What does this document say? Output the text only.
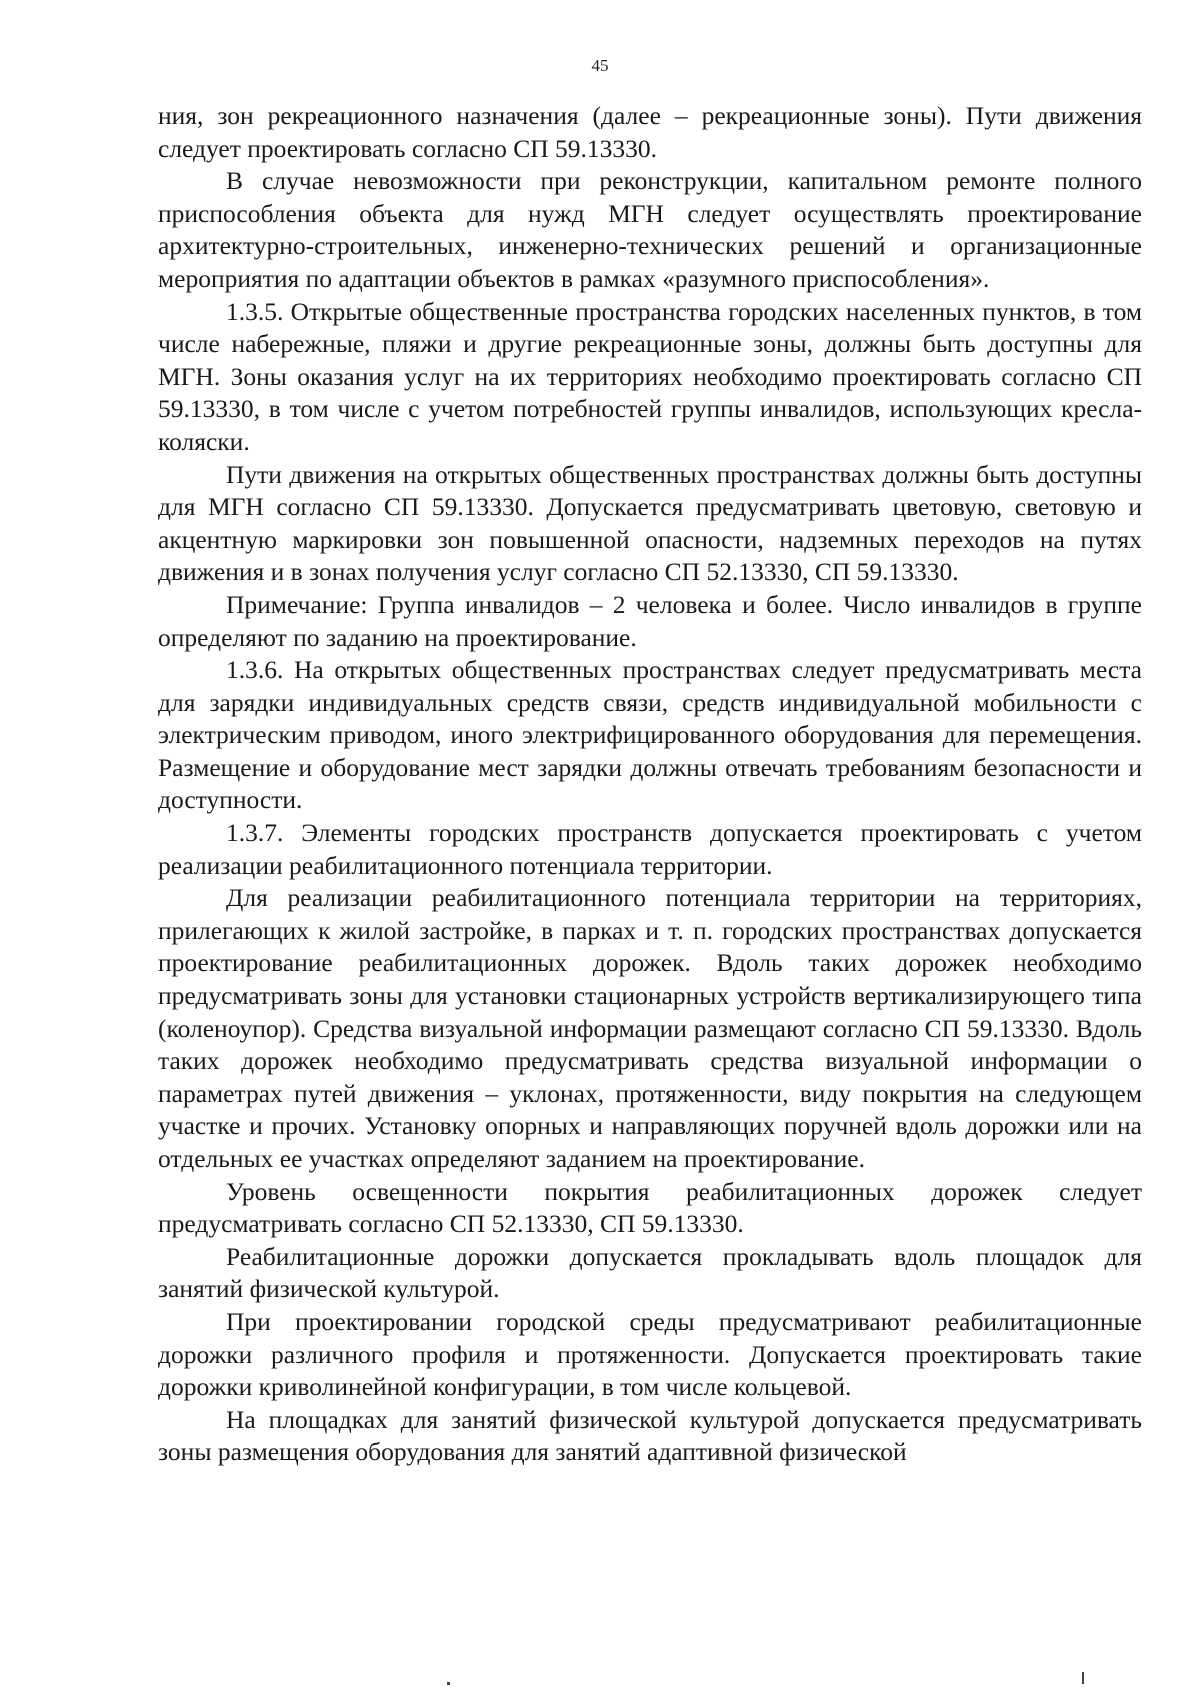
45

ния, зон рекреационного назначения (далее – рекреационные зоны). Пути движения следует проектировать согласно СП 59.13330.

В случае невозможности при реконструкции, капитальном ремонте полного приспособления объекта для нужд МГН следует осуществлять проектирование архитектурно-строительных, инженерно-технических решений и организационные мероприятия по адаптации объектов в рамках «разумного приспособления».

1.3.5. Открытые общественные пространства городских населенных пунктов, в том числе набережные, пляжи и другие рекреационные зоны, должны быть доступны для МГН. Зоны оказания услуг на их территориях необходимо проектировать согласно СП 59.13330, в том числе с учетом потребностей группы инвалидов, использующих кресла-коляски.

Пути движения на открытых общественных пространствах должны быть доступны для МГН согласно СП 59.13330. Допускается предусматривать цветовую, световую и акцентную маркировки зон повышенной опасности, надземных переходов на путях движения и в зонах получения услуг согласно СП 52.13330, СП 59.13330.

Примечание: Группа инвалидов – 2 человека и более. Число инвалидов в группе определяют по заданию на проектирование.

1.3.6. На открытых общественных пространствах следует предусматривать места для зарядки индивидуальных средств связи, средств индивидуальной мобильности с электрическим приводом, иного электрифицированного оборудования для перемещения. Размещение и оборудование мест зарядки должны отвечать требованиям безопасности и доступности.

1.3.7. Элементы городских пространств допускается проектировать с учетом реализации реабилитационного потенциала территории.

Для реализации реабилитационного потенциала территории на территориях, прилегающих к жилой застройке, в парках и т. п. городских пространствах допускается проектирование реабилитационных дорожек. Вдоль таких дорожек необходимо предусматривать зоны для установки стационарных устройств вертикализирующего типа (коленоупор). Средства визуальной информации размещают согласно СП 59.13330. Вдоль таких дорожек необходимо предусматривать средства визуальной информации о параметрах путей движения – уклонах, протяженности, виду покрытия на следующем участке и прочих. Установку опорных и направляющих поручней вдоль дорожки или на отдельных ее участках определяют заданием на проектирование.

Уровень освещенности покрытия реабилитационных дорожек следует предусматривать согласно СП 52.13330, СП 59.13330.

Реабилитационные дорожки допускается прокладывать вдоль площадок для занятий физической культурой.

При проектировании городской среды предусматривают реабилитационные дорожки различного профиля и протяженности. Допускается проектировать такие дорожки криволинейной конфигурации, в том числе кольцевой.

На площадках для занятий физической культурой допускается предусматривать зоны размещения оборудования для занятий адаптивной физической
